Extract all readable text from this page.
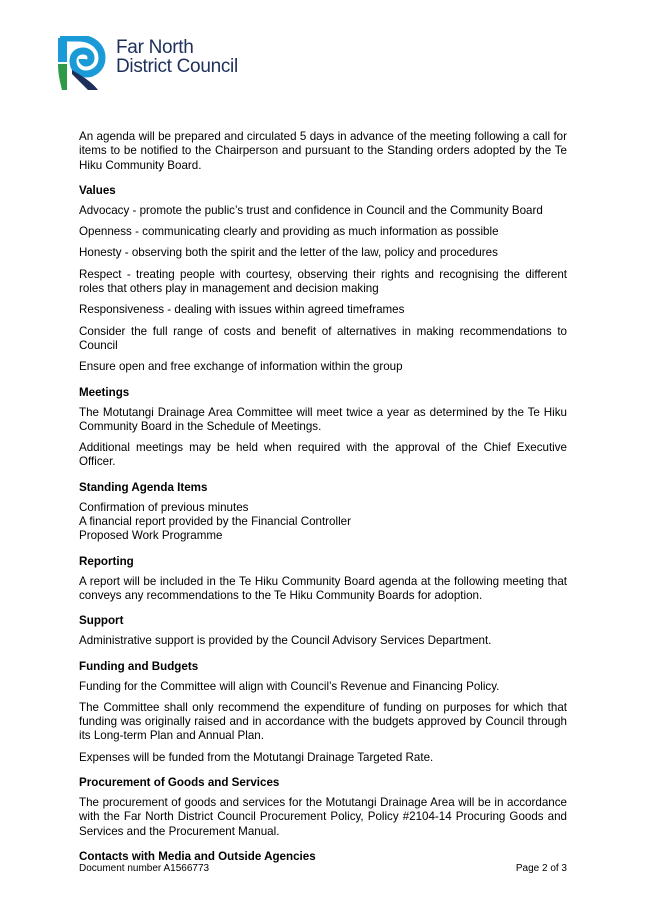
Far North
District Council

An agenda will be prepared and circulated 5 days in advance of the meeting following a call for items to be notified to the Chairperson and pursuant to the Standing orders adopted by the Te Hiku Community Board.

Values

Advocacy - promote the public’s trust and confidence in Council and the Community Board

Openness - communicating clearly and providing as much information as possible

Honesty - observing both the spirit and the letter of the law, policy and procedures

Respect - treating people with courtesy, observing their rights and recognising the different roles that others play in management and decision making

Responsiveness - dealing with issues within agreed timeframes

Consider the full range of costs and benefit of alternatives in making recommendations to Council

Ensure open and free exchange of information within the group

Meetings

The Motutangi Drainage Area Committee will meet twice a year as determined by the Te Hiku Community Board in the Schedule of Meetings.

Additional meetings may be held when required with the approval of the Chief Executive Officer.

Standing Agenda Items

Confirmation of previous minutes

A financial report provided by the Financial Controller

Proposed Work Programme

Reporting

A report will be included in the Te Hiku Community Board agenda at the following meeting that conveys any recommendations to the Te Hiku Community Boards for adoption.

Support

Administrative support is provided by the Council Advisory Services Department.

Funding and Budgets

Funding for the Committee will align with Council’s Revenue and Financing Policy.

The Committee shall only recommend the expenditure of funding on purposes for which that funding was originally raised and in accordance with the budgets approved by Council through its Long-term Plan and Annual Plan.

Expenses will be funded from the Motutangi Drainage Targeted Rate.

Procurement of Goods and Services

The procurement of goods and services for the Motutangi Drainage Area will be in accordance with the Far North District Council Procurement Policy, Policy #2104-14 Procuring Goods and Services and the Procurement Manual.

Contacts with Media and Outside Agencies
Document number A1566773	Page 2 of 3
